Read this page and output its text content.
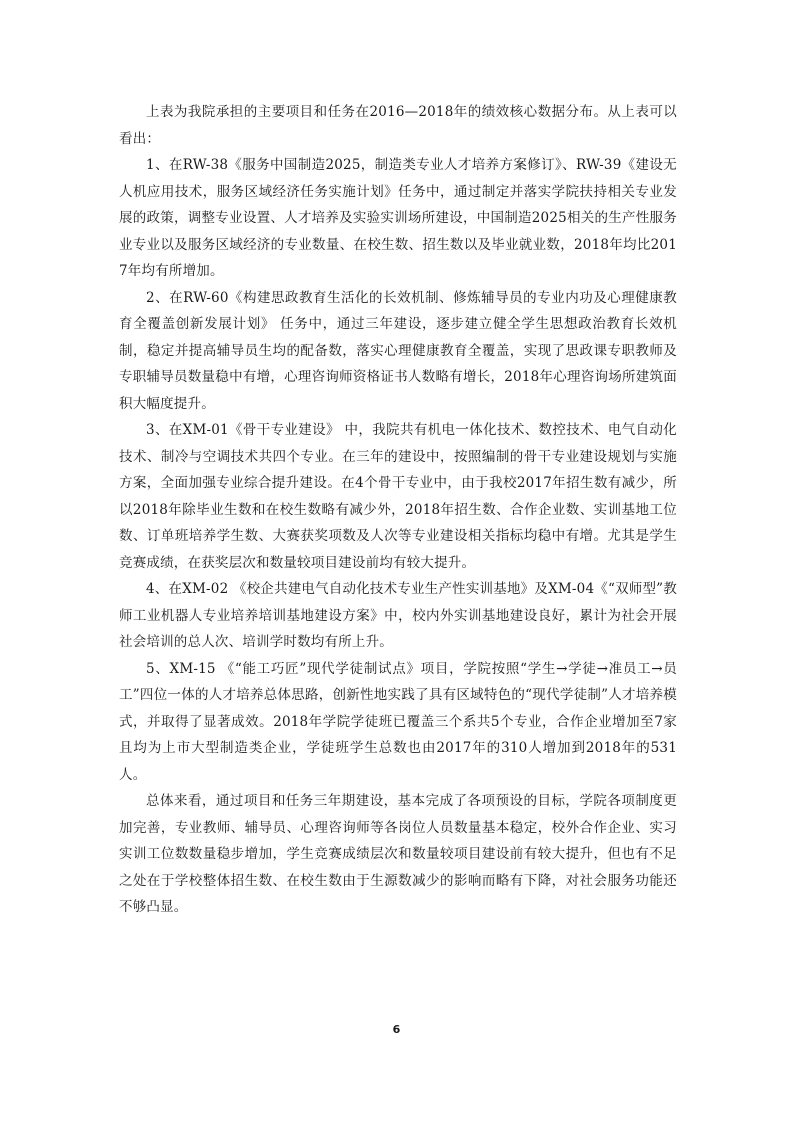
上表为我院承担的主要项目和任务在2016—2018年的绩效核心数据分布。从上表可以看出：

1、在RW-38《服务中国制造2025，制造类专业人才培养方案修订》、RW-39《建设无人机应用技术，服务区域经济任务实施计划》任务中，通过制定并落实学院扶持相关专业发展的政策，调整专业设置、人才培养及实验实训场所建设，中国制造2025相关的生产性服务业专业以及服务区域经济的专业数量、在校生数、招生数以及毕业就业数，2018年均比2017年均有所增加。

2、在RW-60《构建思政教育生活化的长效机制、修炼辅导员的专业内功及心理健康教育全覆盖创新发展计划》 任务中，通过三年建设，逐步建立健全学生思想政治教育长效机制，稳定并提高辅导员生均的配备数，落实心理健康教育全覆盖，实现了思政课专职教师及专职辅导员数量稳中有增，心理咨询师资格证书人数略有增长，2018年心理咨询场所建筑面积大幅度提升。

3、在XM-01《骨干专业建设》 中，我院共有机电一体化技术、数控技术、电气自动化技术、制冷与空调技术共四个专业。在三年的建设中，按照编制的骨干专业建设规划与实施方案，全面加强专业综合提升建设。在4个骨干专业中，由于我校2017年招生数有减少，所以2018年除毕业生数和在校生数略有减少外，2018年招生数、合作企业数、实训基地工位数、订单班培养学生数、大赛获奖项数及人次等专业建设相关指标均稳中有增。尤其是学生竞赛成绩，在获奖层次和数量较项目建设前均有较大提升。

4、在XM-02 《校企共建电气自动化技术专业生产性实训基地》及XM-04《“双师型”教师工业机器人专业培养培训基地建设方案》中，校内外实训基地建设良好，累计为社会开展社会培训的总人次、培训学时数均有所上升。

5、XM-15 《“能工巧匠”现代学徒制试点》项目，学院按照“学生→学徒→准员工→员工”四位一体的人才培养总体思路，创新性地实践了具有区域特色的“现代学徒制”人才培养模式，并取得了显著成效。2018年学院学徒班已覆盖三个系共5个专业，合作企业增加至7家且均为上市大型制造类企业，学徒班学生总数也由2017年的310人增加到2018年的531人。

总体来看，通过项目和任务三年期建设，基本完成了各项预设的目标，学院各项制度更加完善，专业教师、辅导员、心理咨询师等各岗位人员数量基本稳定，校外合作企业、实习实训工位数数量稳步增加，学生竞赛成绩层次和数量较项目建设前有较大提升，但也有不足之处在于学校整体招生数、在校生数由于生源数减少的影响而略有下降，对社会服务功能还不够凸显。

6
